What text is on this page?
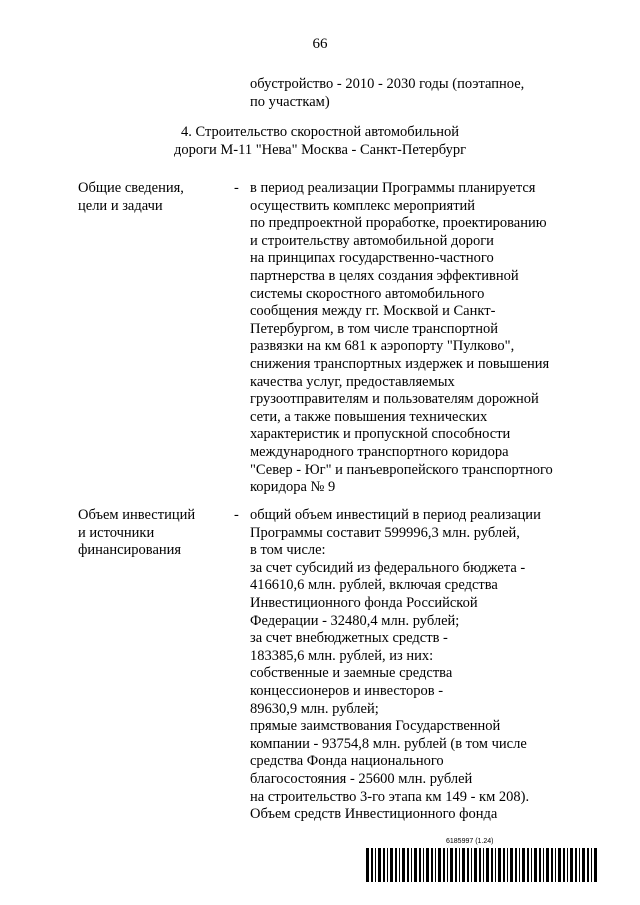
66
обустройство - 2010 - 2030 годы (поэтапное,
по участкам)
4. Строительство скоростной автомобильной
дороги М-11 "Нева" Москва - Санкт-Петербург
Общие сведения,
цели и задачи
- в период реализации Программы планируется
осуществить комплекс мероприятий
по предпроектной проработке, проектированию
и строительству автомобильной дороги
на принципах государственно-частного
партнерства в целях создания эффективной
системы скоростного автомобильного
сообщения между гг. Москвой и Санкт-
Петербургом, в том числе транспортной
развязки на км 681 к аэропорту "Пулково",
снижения транспортных издержек и повышения
качества услуг, предоставляемых
грузоотправителям и пользователям дорожной
сети, а также повышения технических
характеристик и пропускной способности
международного транспортного коридора
"Север - Юг" и панъевропейского транспортного
коридора № 9
Объем инвестиций
и источники
финансирования
- общий объем инвестиций в период реализации
Программы составит 599996,3 млн. рублей,
в том числе:
за счет субсидий из федерального бюджета -
416610,6 млн. рублей, включая средства
Инвестиционного фонда Российской
Федерации - 32480,4 млн. рублей;
за счет внебюджетных средств -
183385,6 млн. рублей, из них:
собственные и заемные средства
концессионеров и инвесторов -
89630,9 млн. рублей;
прямые заимствования Государственной
компании - 93754,8 млн. рублей (в том числе
средства Фонда национального
благосостояния - 25600 млн. рублей
на строительство 3-го этапа км 149 - км 208).
Объем средств Инвестиционного фонда
6185997 (1.24)
